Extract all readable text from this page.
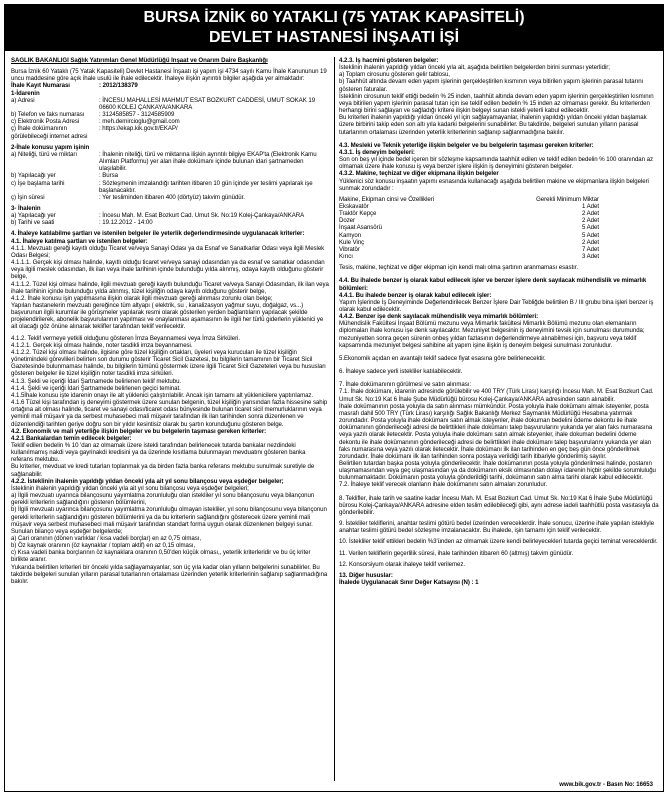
BURSA İZNİK 60 YATAKLI (75 YATAK KAPASİTELİ)
DEVLET HASTANESİ İNŞAATI İŞİ

SAĞLIK BAKANLIĞI Sağlık Yatırımları Genel Müdürlüğü İnşaat ve Onarım Daire Başkanlığı

Bursa İznik 60 Yataklı (75 Yatak Kapasiteli) Devlet Hastanesi İnşaatı işi yapım işi 4734 sayılı Kamu İhale Kanununun 19 uncu maddesine göre açık ihale usulü ile ihale edilecektir. İhaleye ilişkin ayrıntılı bilgiler aşağıda yer almaktadır:

İhale Kayıt Numarası	: 2012/138379

1-İdarenin

a) Adresi	: İNCESU MAHALLESİ MAHMUT ESAT BOZKURT CADDESİ, UMUT SOKAK 19 06600 KOLEJ ÇANKAYA/ANKARA
b) Telefon ve faks numarası	: 3124585857 - 3124585909
c) Elektronik Posta Adresi	: meh.demircioglu@gmail.com
ç) İhale dokümanının görülebileceği internet adresi
: https://ekap.kik.gov.tr/EKAP/

2-İhale konusu yapım işinin

a) Niteliği, türü ve miktarı	: İhalenin niteliği, türü ve miktarına ilişkin ayrıntılı bilgiye EKAP'ta (Elektronik Kamu Alımları Platformu) yer alan ihale dokümanı içinde bulunan idari şartnameden ulaşılabilir.
b) Yapılacağı yer	: Bursa
c) İşe başlama tarihi	: Sözleşmenin imzalandığı tarihten itibaren 10 gün içinde yer teslimi yapılarak işe başlanacaktır.
ç) İşin süresi	: Yer tesliminden itibaren 400 (dörtyüz) takvim günüdür.

3- İhalenin

a) Yapılacağı yer	: İncesu Mah. M. Esat Bozkurt Cad. Umut Sk. No:19 Kolej-Çankaya/ANKARA
b) Tarihi ve saati	: 19.12.2012 - 14:00

4. İhaleye katılabilme şartları ve istenilen belgeler ile yeterlik değerlendirmesinde uygulanacak kriterler:

4.1. İhaleye katılma şartları ve istenilen belgeler:

4.1.1. Mevzuatı gereği kayıtlı olduğu Ticaret ve/veya Sanayi Odası ya da Esnaf ve Sanatkarlar Odası veya ilgili Meslek Odası Belgesi;

4.1.1.1. Gerçek kişi olması halinde, kayıtlı olduğu ticaret ve/veya sanayi odasından ya da esnaf ve sanatkar odasından veya ilgili meslek odasından, ilk ilan veya ihale tarihinin içinde bulunduğu yılda alınmış, odaya kayıtlı olduğunu gösterir belge,

4.1.1.2. Tüzel kişi olması halinde, ilgili mevzuatı gereği kayıtlı bulunduğu Ticaret ve/veya Sanayi Odasından, ilk ilan veya ihale tarihinin içinde bulunduğu yılda alınmış, tüzel kişiliğin odaya kayıtlı olduğunu gösterir belge,

4.1.2. İhale konusu işin yapılmasına ilişkin olarak ilgili mevzuatı gereği alınması zorunlu olan belge;

Yapılan hastanelerin mevzuatı gereğince tüm altyapı ( elektrik, su , kanalizasyon yağmur suyu, doğalgaz, vs...) başvurunun ilgili kurumlar ile görüşmeler yapılarak resmi olarak gösterilen yerden bağlantıların yapılacak şekilde projelendirilerek, abonelik başvurularının yapılması ve onaylanması aşamasının ile ilgili her türlü giderlerin yüklenici ye ait olacağı göz önüne alınarak teklifler tarafından teklif verilecektir.

4.1.2. Teklif vermeye yetkili olduğunu gösteren İmza Beyannamesi veya İmza Sirküleri.

4.1.2.1. Gerçek kişi olması halinde, noter tasdikli imza beyannamesi.

4.1.2.2. Tüzel kişi olması halinde, ilgisine göre tüzel kişiliğin ortakları, üyeleri veya kurucuları ile tüzel kişiliğin yönetimindeki görevlileri belirten son durumu gösterir Ticaret Sicil Gazetesi, bu bilgilerin tamamının bir Ticaret Sicil Gazetesinde bulunmaması halinde, bu bilgilerin tümünü göstermek üzere ilgili Ticaret Sicil Gazeteleri veya bu hususları gösteren belgeler ile tüzel kişiliğin noter tasdikli imza sirküleri.

4.1.3. Şekli ve içeriği İdari Şartnamede belirlenen teklif mektubu.

4.1.4. Şekli ve içeriği İdari Şartnamede belirlenen geçici teminat.

4.1.5İhale konusu işte idarenin onayı ile alt yüklenici çalıştırılabilir. Ancak işin tamamı alt yüklenicilere yaptırılamaz.

4.1.6 Tüzel kişi tarafından iş deneyimi göstermek üzere sunulan belgenin, tüzel kişiliğin yarısından fazla hissesine sahip ortağına ait olması halinde, ticaret ve sanayi odası/ticaret odası bünyesinde bulunan ticaret sicil memurluklarının veya yeminli mali müşavir ya da serbest muhasebeci mali müşavir tarafından ilk ilan tarihinden sonra düzenlenen ve düzenlendiği tarihten geriye doğru son bir yıldır kesintisiz olarak bu şartın korunduğunu gösteren belge.

4.2. Ekonomik ve mali yeterliğe ilişkin belgeler ve bu belgelerin taşıması gereken kriterler:

4.2.1 Bankalardan temin edilecek belgeler:

Teklif edilen bedelin % 10 'dan az olmamak üzere istekli tarafından belirlenecek tutarda bankalar nezdindeki kullanılmamış nakdi veya gayrinakdi kredisini ya da üzerinde kısıtlama bulunmayan mevduatını gösteren banka referans mektubu.

Bu kriterler, mevduat ve kredi tutarları toplanmak ya da birden fazla banka referans mektubu sunulmak suretiyle de sağlanabilir.

4.2.2. İsteklinin ihalenin yapıldığı yıldan önceki yıla ait yıl sonu bilançosu veya eşdeğer belgeler;

İsteklinin ihalenin yapıldığı yıldan önceki yıla ait yıl sonu bilançosu veya eşdeğer belgeleri;

a) İlgili mevzuatı uyarınca bilançosunu yayımlatma zorunluluğu olan istekliler yıl sonu bilançosunu veya bilançonun gerekli kriterlerin sağlandığını gösteren bölümlerini,

b) İlgili mevzuatı uyarınca bilançosunu yayımlatma zorunluluğu olmayan istekliler, yıl sonu bilançosunu veya bilançonun gerekli kriterlerin sağlandığını gösteren bölümlerini ya da bu kriterlerin sağlandığını gösterecek üzere yeminli mali müşavir veya serbest muhasebeci mali müşavir tarafından standart forma uygun olarak düzenlenen belgeyi sunar.

Sunulan bilanço veya eşdeğer belgelerde;

a) Cari oranının (dönen varlıklar / kısa vadeli borçlar) en az 0,75 olması,

b) Öz kaynak oranının (öz kaynaklar / toplam aktif) en az 0,15 olması,

c) Kısa vadeli banka borçlarının öz kaynaklara oranının 0,50'den küçük olması,, yeterlik kriterleridir ve bu üç kriter birlikte aranır.

Yukarıda belirtilen kriterleri bir önceki yılda sağlayamayanlar, son üç yıla kadar olan yılların belgelerini sunabilirler. Bu takdirde belgeleri sunulan yılların parasal tutarlarının ortalaması üzerinden yeterlik kriterlerinin sağlanıp sağlanmadığına bakılır.

4.2.3. İş hacmini gösteren belgeler:

İsteklinin ihalenin yapıldığı yıldan önceki yıla ait, aşağıda belirtilen belgelerden birini sunması yeterlidir;

a) Toplam cirosunu gösteren gelir tablosu,

b) Taahhüt altında devam eden yapım işlerinin gerçekleştirilen kısmının veya bitirilen yapım işlerinin parasal tutarını gösteren faturalar.

İsteklinin cirosunun teklif ettiği bedelin % 25 inden, taahhüt altında devam eden yapım işlerinin gerçekleştirilen kısmının veya bitirilen yapım işlerinin parasal tutarı için ise teklif edilen bedelin % 15 inden az olmaması gerekir. Bu kriterlerden herhangi birini sağlayan ve sağladığı kritere ilişkin belgeyi sunan istekli yeterli kabul edilecektir.

Bu kriterleri ihalenin yapıldığı yıldan önceki yıl için sağlayamayanlar, ihalenin yapıldığı yıldan önceki yıldan başlamak üzere birbirini takip eden son altı yıla kadarki belgelerini sunabilirler. Bu takdirde, belgeleri sunulan yılların parasal tutarlarının ortalaması üzerinden yeterlik kriterlerinin sağlanıp sağlanmadığına bakılır.

4.3. Mesleki ve Teknik yeterliğe ilişkin belgeler ve bu belgelerin taşıması gereken kriterler:

4.3.1. İş deneyim belgeleri:

Son on beş yıl içinde bedel içeren bir sözleşme kapsamında taahhüt edilen ve teklif edilen bedelin % 100 oranından az olmamak üzere ihale konusu iş veya benzer işlere ilişkin iş deneyimini gösteren belgeler.

4.3.2. Makine, teçhizat ve diğer ekipmana ilişkin belgeler

Yüklenici söz konusu inşaatın yapımı esnasında kullanacağı aşağıda belirtilen makine ve ekipmanlara ilişkin belgeleri sunmak zorundadır :

Makine, Ekipman cinsi ve Özellikleri	Gerekli Minimum Miktar
Ekskavatör	1 Adet
Traktör Kepçe	2 Adet
Dozer	2 Adet
İnşaat Asansörü	5 Adet
Kamyon	5 Adet
Kule Vinç	2 Adet
Vibratör	7 Adet
Kırıcı	3 Adet

Tesis, makine, teçhizat ve diğer ekipman için kendi malı olma şartının aranmaması esastır.

4.4. Bu ihalede benzer iş olarak kabul edilecek işler ve benzer işlere denk sayılacak mühendislik ve mimarlık bölümleri:

4.4.1. Bu ihalede benzer iş olarak kabul edilecek işler:

Yapım İşlerinde İş Deneyiminde Değerlendirilecek Benzer İşlere Dair Tebliğde belirtilen B / III grubu bina işleri benzer iş olarak kabul edilecektir.

4.4.2. Benzer işe denk sayılacak mühendislik veya mimarlık bölümleri:

Mühendislik Fakültesi İnşaat Bölümü mezunu veya Mimarlık fakültesi Mimarlık Bölümü mezunu olan elemanların diplomaları ihale konusu işe denk sayılacaktır. Mezuniyet belgesinin iş deneyimini tevsik için sunulması durumunda; mezuniyetten sonra geçen sürenin onbeş yıldan fazlasının değerlendirmeye alınabilmesi için, başvuru veya teklif kapsamında mezuniyet belgesi sahibine ait yapım işine ilişkin iş deneyim belgesi sunulması zorunludur.

5.Ekonomik açıdan en avantajlı teklif sadece fiyat esasına göre belirlenecektir.

6. İhaleye sadece yerli istekliler katılabilecektir.

7. İhale dokümanının görülmesi ve satın alınması:

7.1. İhale dokümanı, idarenin adresinde görülebilir ve 400 TRY (Türk Lirası) karşılığı İncesu Mah. M. Esat Bozkurt Cad. Umut Sk. No:19 Kat 6 İhale Şube Müdürlüğü bürosu Kolej-Çankaya/ANKARA adresinden satın alınabilir.

İhale dokümanının posta yoluyla da satın alınması mümkündür. Posta yoluyla ihale dokümanı almak isteyenler, posta masrafı dahil 500 TRY (Türk Lirası) karşılığı Sağlık Bakanlığı Merkez Saymanlık Müdürlüğü Hesabına yatırmak zorundadır. Posta yoluyla ihale dokümanı satın almak isteyenler, ihale dokuman bedelini ödeme dekontu ile ihale dokümanının gönderileceği adresi de belirttikleri ihale dokümanı talep başvurularını yukarıda yer alan faks numarasına veya yazılı olarak iletecektir. Posta yoluyla ihale dokümanı satın almak isteyenler, ihale dokuman bedelini ödeme dekontu ile ihale dokümanının gönderileceği adresi de belirttikleri ihale dokümanı talep başvurularını yukarıda yer alan faks numarasına veya yazılı olarak iletecektir. İhale dokümanı ilk ilan tarihinden en geç beş gün önce gönderilmek zorundadır. İhale dokümanı ilk ilan tarihinden sonra postaya verildiği tarih itibariyle gönderilmiş sayılır.

Belirtilen tutardan başka posta yoluyla gönderilecektir. İhale dokümanının posta yoluyla gönderilmesi halinde, postanın ulaşmamasından veya geç ulaşmasından ya da dokümanın eksik olmasından dolayı idarenin hiçbir şekilde sorumluluğu bulunmamaktadır. Dokümanın posta yoluyla gönderildiği tarihi, dokümanın satın alma tarihi olarak kabul edilecektir.

7.2. İhaleye teklif verecek olanların ihale dokümanını satın almaları zorunludur.

8. Teklifler, ihale tarih ve saatine kadar İncesu Mah. M. Esat Bozkurt Cad. Umut Sk. No:19 Kat 6 İhale Şube Müdürlüğü bürosu Kolej-Çankaya/ANKARA adresine elden teslim edilebileceği gibi, aynı adrese iadeli taahhütlü posta vasıtasıyla da gönderilebilir.

9. İstekliler tekliflerini, anahtar teslimi götürü bedel üzerinden vereceklerdir. İhale sonucu, üzerine ihale yapılan istekliyle anahtar teslimi götürü bedel sözleşme imzalanacaktır. Bu ihalede, işin tamamı için teklif verilecektir.

10. İstekliler teklif ettikleri bedelin %3'ünden az olmamak üzere kendi belirleyecekleri tutarda geçici teminat vereceklerdir.

11. Verilen tekliflerin geçerlilik süresi, ihale tarihinden itibaren 60 (altmış) takvim günüdür.

12. Konsorsiyum olarak ihaleye teklif verilemez.

13. Diğer hususlar:

İhalede Uygulanacak Sınır Değer Katsayısı (N) : 1

www.bik.gov.tr - Basın No: 16653
